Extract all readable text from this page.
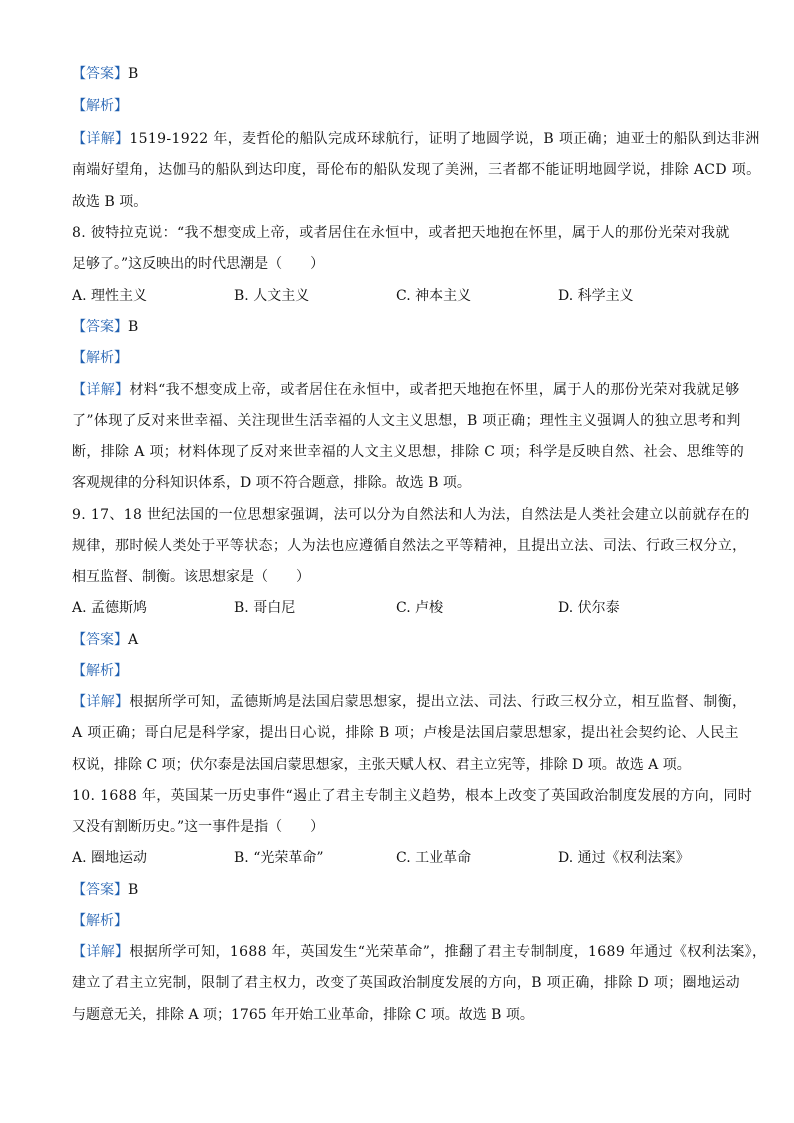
【答案】B
【解析】
【详解】1519-1922 年，麦哲伦的船队完成环球航行，证明了地圆学说，B 项正确；迪亚士的船队到达非洲
南端好望角，达伽马的船队到达印度，哥伦布的船队发现了美洲，三者都不能证明地圆学说，排除 ACD 项。
故选 B 项。
8. 彼特拉克说：“我不想变成上帝，或者居住在永恒中，或者把天地抱在怀里，属于人的那份光荣对我就
足够了。”这反映出的时代思潮是（　　）
A. 理性主义	B. 人文主义	C. 神本主义	D. 科学主义
【答案】B
【解析】
【详解】材料“我不想变成上帝，或者居住在永恒中，或者把天地抱在怀里，属于人的那份光荣对我就足够
了”体现了反对来世幸福、关注现世生活幸福的人文主义思想，B 项正确；理性主义强调人的独立思考和判
断，排除 A 项；材料体现了反对来世幸福的人文主义思想，排除 C 项；科学是反映自然、社会、思维等的
客观规律的分科知识体系，D 项不符合题意，排除。故选 B 项。
9. 17、18 世纪法国的一位思想家强调，法可以分为自然法和人为法，自然法是人类社会建立以前就存在的
规律，那时候人类处于平等状态；人为法也应遵循自然法之平等精神，且提出立法、司法、行政三权分立，
相互监督、制衡。该思想家是（　　）
A. 孟德斯鸠	B. 哥白尼	C. 卢梭	D. 伏尔泰
【答案】A
【解析】
【详解】根据所学可知，孟德斯鸠是法国启蒙思想家，提出立法、司法、行政三权分立，相互监督、制衡，
A 项正确；哥白尼是科学家，提出日心说，排除 B 项；卢梭是法国启蒙思想家，提出社会契约论、人民主
权说，排除 C 项；伏尔泰是法国启蒙思想家，主张天赋人权、君主立宪等，排除 D 项。故选 A 项。
10. 1688 年，英国某一历史事件“遏止了君主专制主义趋势，根本上改变了英国政治制度发展的方向，同时
又没有割断历史。”这一事件是指（　　）
A. 圈地运动	B. “光荣革命”	C. 工业革命	D. 通过《权利法案》
【答案】B
【解析】
【详解】根据所学可知，1688 年，英国发生“光荣革命”，推翻了君主专制制度，1689 年通过《权利法案》，
建立了君主立宪制，限制了君主权力，改变了英国政治制度发展的方向，B 项正确，排除 D 项；圈地运动
与题意无关，排除 A 项；1765 年开始工业革命，排除 C 项。故选 B 项。
